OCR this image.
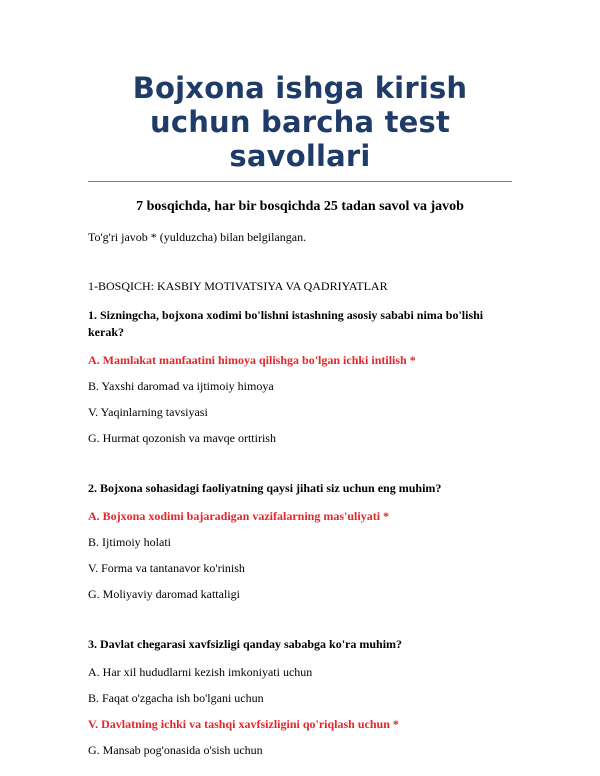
Bojxona ishga kirish uchun barcha test savollari
7 bosqichda, har bir bosqichda 25 tadan savol va javob
To'g'ri javob * (yulduzcha) bilan belgilangan.
1-BOSQICH: KASBIY MOTIVATSIYA VA QADRIYATLAR
1. Sizningcha, bojxona xodimi bo'lishni istashning asosiy sababi nima bo'lishi kerak?
A. Mamlakat manfaatini himoya qilishga bo'lgan ichki intilish *
B. Yaxshi daromad va ijtimoiy himoya
V. Yaqinlarning tavsiyasi
G. Hurmat qozonish va mavqe orttirish
2. Bojxona sohasidagi faoliyatning qaysi jihati siz uchun eng muhim?
A. Bojxona xodimi bajaradigan vazifalarning mas'uliyati *
B. Ijtimoiy holati
V. Forma va tantanavor ko'rinish
G. Moliyaviy daromad kattaligi
3. Davlat chegarasi xavfsizligi qanday sababga ko'ra muhim?
A. Har xil hududlarni kezish imkoniyati uchun
B. Faqat o'zgacha ish bo'lgani uchun
V. Davlatning ichki va tashqi xavfsizligini qo'riqlash uchun *
G. Mansab pog'onasida o'sish uchun
